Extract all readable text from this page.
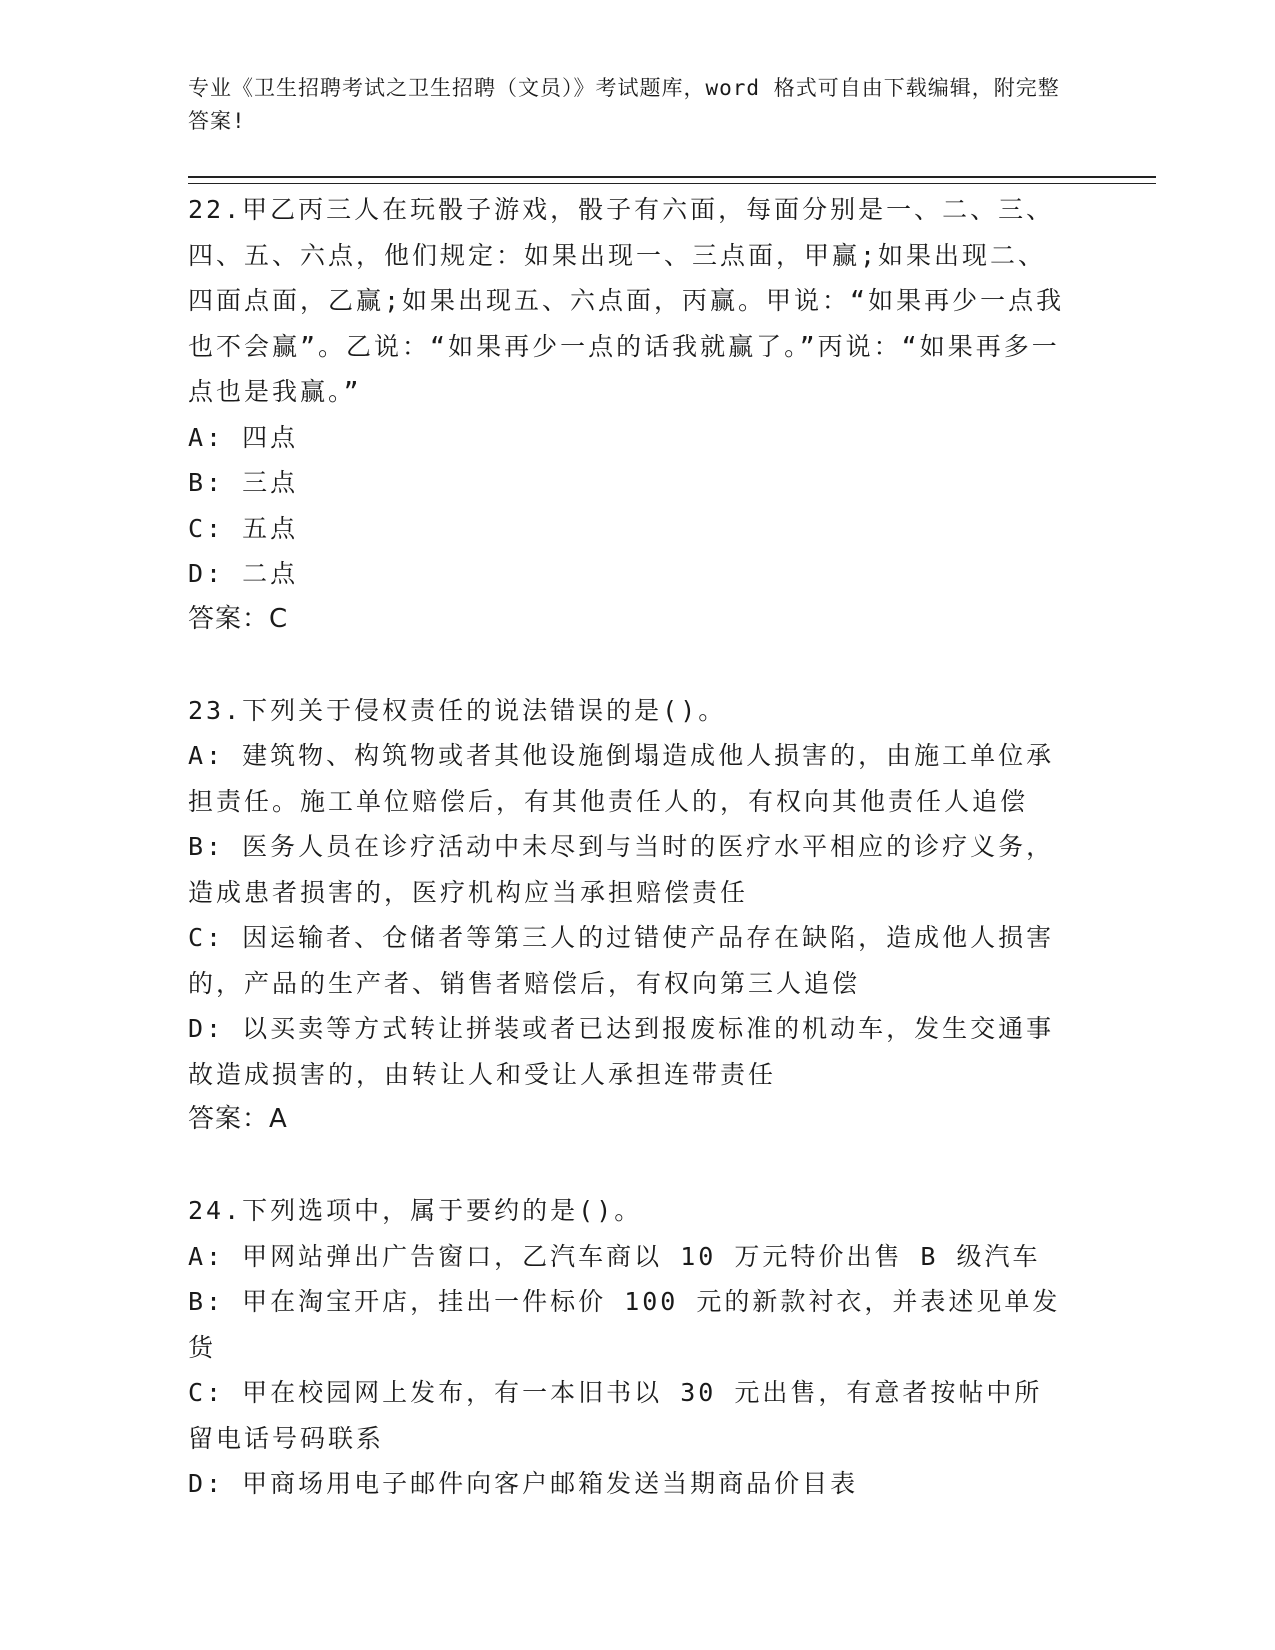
专业《卫生招聘考试之卫生招聘（文员）》考试题库，word 格式可自由下载编辑，附完整答案!
22.甲乙丙三人在玩骰子游戏，骰子有六面，每面分别是一、二、三、四、五、六点，他们规定：如果出现一、三点面，甲赢;如果出现二、四面点面，乙赢;如果出现五、六点面，丙赢。甲说：“如果再少一点我也不会赢”。乙说：“如果再少一点的话我就赢了。”丙说：“如果再多一点也是我赢。”
A: 四点
B: 三点
C: 五点
D: 二点
答案：C
23.下列关于侵权责任的说法错误的是()。
A: 建筑物、构筑物或者其他设施倒塌造成他人损害的，由施工单位承担责任。施工单位赔偿后，有其他责任人的，有权向其他责任人追偿
B: 医务人员在诊疗活动中未尽到与当时的医疗水平相应的诊疗义务，造成患者损害的，医疗机构应当承担赔偿责任
C: 因运输者、仓储者等第三人的过错使产品存在缺陷，造成他人损害的，产品的生产者、销售者赔偿后，有权向第三人追偿
D: 以买卖等方式转让拼装或者已达到报废标准的机动车，发生交通事故造成损害的，由转让人和受让人承担连带责任
答案：A
24.下列选项中，属于要约的是()。
A: 甲网站弹出广告窗口，乙汽车商以 10 万元特价出售 B 级汽车
B: 甲在淘宝开店，挂出一件标价 100 元的新款衬衣，并表述见单发货
C: 甲在校园网上发布，有一本旧书以 30 元出售，有意者按帖中所留电话号码联系
D: 甲商场用电子邮件向客户邮箱发送当期商品价目表
